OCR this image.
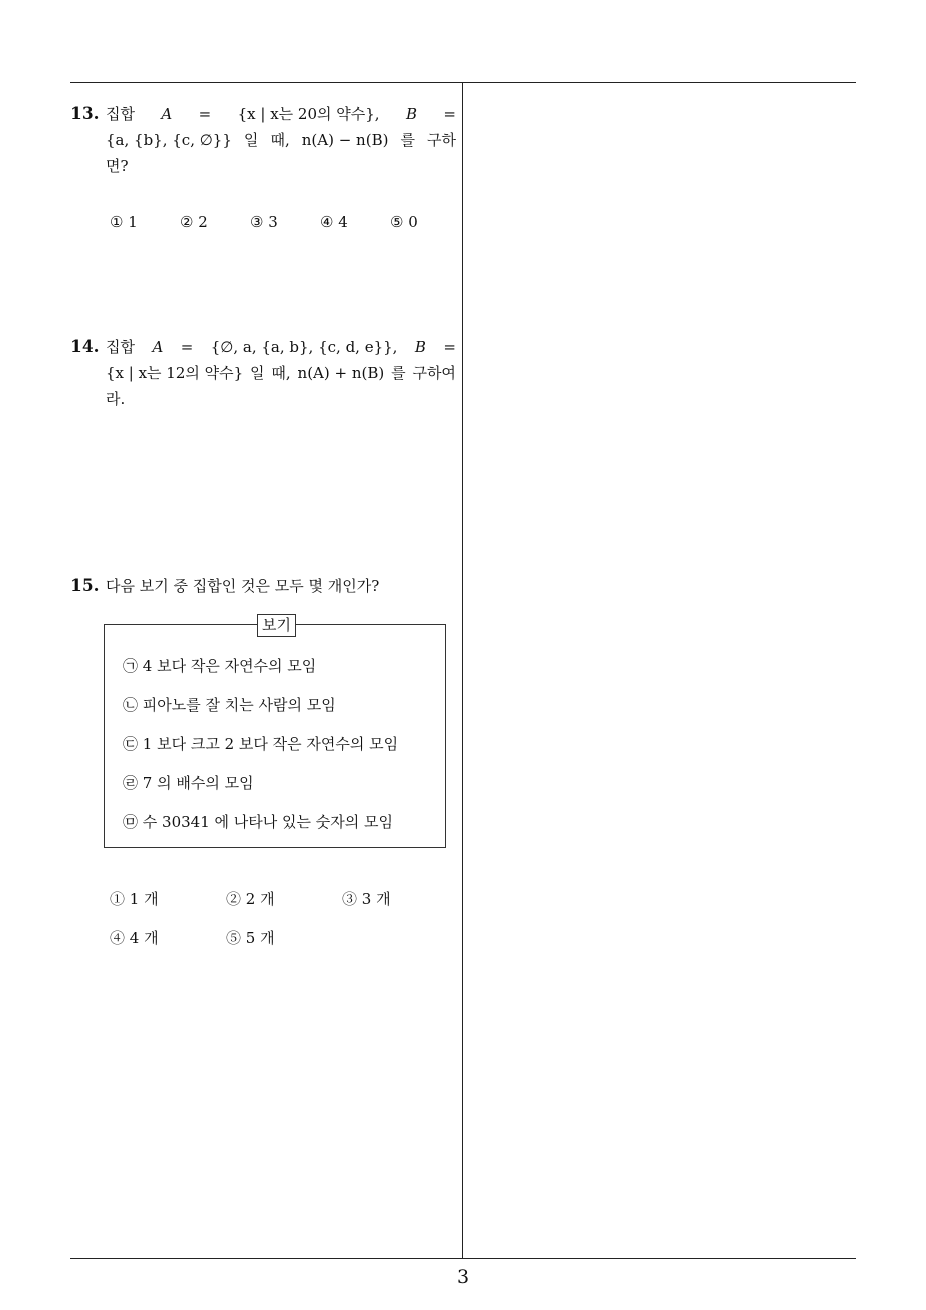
13. 집합 A = {x | x는 20의 약수}, B =
{a, {b}, {c, ∅}} 일 때, n(A) − n(B) 를 구하
면?
① 1	② 2	③ 3	④ 4	⑤ 0
14. 집합 A = {∅, a, {a, b}, {c, d, e}}, B =
{x | x는 12의 약수} 일 때, n(A) + n(B) 를 구하여
라.
15. 다음 보기 중 집합인 것은 모두 몇 개인가?
보기
㉠ 4 보다 작은 자연수의 모임
㉡ 피아노를 잘 치는 사람의 모임
㉢ 1 보다 크고 2 보다 작은 자연수의 모임
㉣ 7 의 배수의 모임
㉤ 수 30341 에 나타나 있는 숫자의 모임
① 1 개	② 2 개	③ 3 개
④ 4 개	⑤ 5 개
3
